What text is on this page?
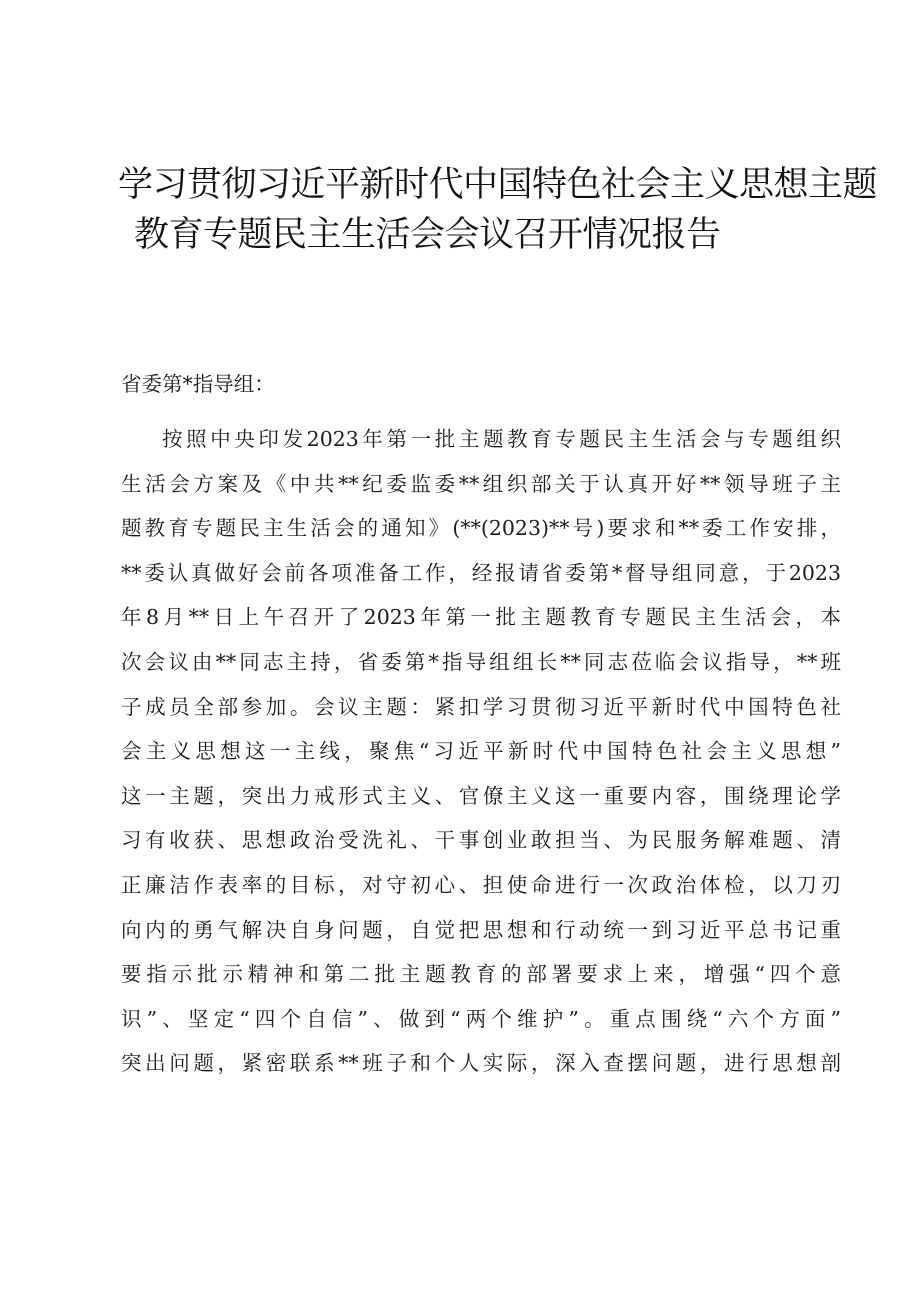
学习贯彻习近平新时代中国特色社会主义思想主题
教育专题民主生活会会议召开情况报告
省委第*指导组：
按照中央印发2023年第一批主题教育专题民主生活会与专题组织
生活会方案及《中共**纪委监委**组织部关于认真开好**领导班子主
题教育专题民主生活会的通知》(**(2023)**号)要求和**委工作安排，
**委认真做好会前各项准备工作，经报请省委第*督导组同意，于2023
年8月**日上午召开了2023年第一批主题教育专题民主生活会，本
次会议由**同志主持，省委第*指导组组长**同志莅临会议指导，**班
子成员全部参加。会议主题：紧扣学习贯彻习近平新时代中国特色社
会主义思想这一主线，聚焦“习近平新时代中国特色社会主义思想”
这一主题，突出力戒形式主义、官僚主义这一重要内容，围绕理论学
习有收获、思想政治受洗礼、干事创业敢担当、为民服务解难题、清
正廉洁作表率的目标，对守初心、担使命进行一次政治体检，以刀刃
向内的勇气解决自身问题，自觉把思想和行动统一到习近平总书记重
要指示批示精神和第二批主题教育的部署要求上来，增强“四个意
识”、坚定“四个自信”、做到“两个维护”。重点围绕“六个方面”
突出问题，紧密联系**班子和个人实际，深入查摆问题，进行思想剖
